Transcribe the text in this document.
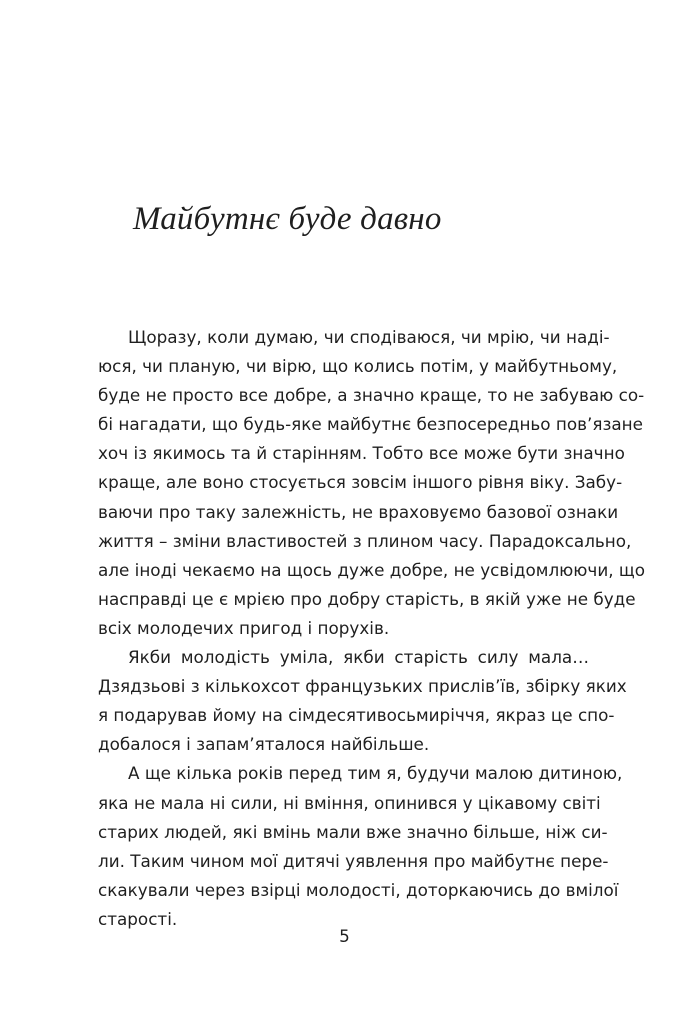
Майбутнє буде давно

Щоразу, коли думаю, чи сподіваюся, чи мрію, чи наді-
юся, чи планую, чи вірю, що колись потім, у майбутньому,
буде не просто все добре, а значно краще, то не забуваю со-
бі нагадати, що будь-яке майбутнє безпосередньо пов’язане
хоч із якимось та й старінням. Тобто все може бути значно
краще, але воно стосується зовсім іншого рівня віку. Забу-
ваючи про таку залежність, не враховуємо базової ознаки
життя – зміни властивостей з плином часу. Парадоксально,
але іноді чекаємо на щось дуже добре, не усвідомлюючи, що
насправді це є мрією про добру старість, в якій уже не буде
всіх молодечих пригод і порухів.

Якби молодість уміла, якби старість силу мала…
Дзядзьові з кількохсот французьких прислів’їв, збірку яких
я подарував йому на сімдесятивосьмиріччя, якраз це спо-
добалося і запам’яталося найбільше.

А ще кілька років перед тим я, будучи малою дитиною,
яка не мала ні сили, ні вміння, опинився у цікавому світі
старих людей, які вмінь мали вже значно більше, ніж си-
ли. Таким чином мої дитячі уявлення про майбутнє пере-
скакували через взірці молодості, доторкаючись до вмілої
старості.

5
